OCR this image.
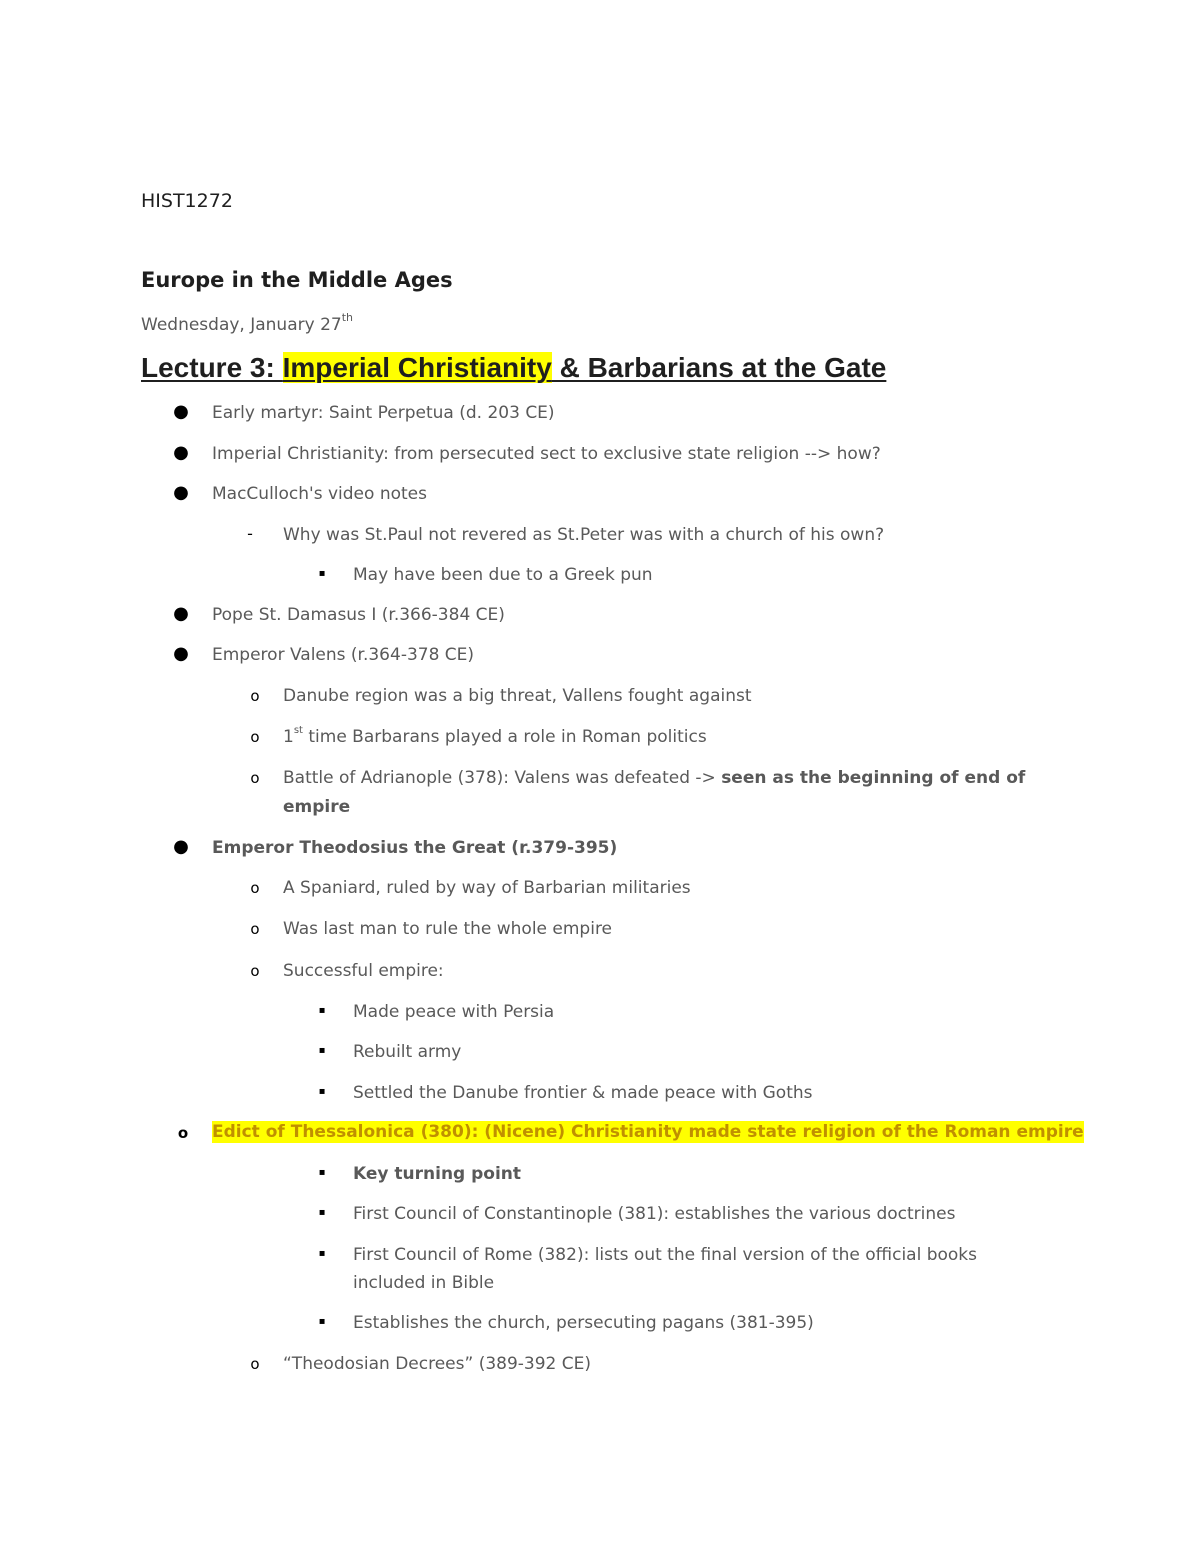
HIST1272
Europe in the Middle Ages
Wednesday, January 27th
Lecture 3: Imperial Christianity & Barbarians at the Gate
● Early martyr: Saint Perpetua (d. 203 CE)
● Imperial Christianity: from persecuted sect to exclusive state religion --> how?
● MacCulloch's video notes
-	Why was St.Paul not revered as St.Peter was with a church of his own?
▪	May have been due to a Greek pun
● Pope St. Damasus I (r.366-384 CE)
● Emperor Valens (r.364-378 CE)
o	Danube region was a big threat, Vallens fought against
o	1st time Barbarans played a role in Roman politics
o	Battle of Adrianople (378): Valens was defeated -> seen as the beginning of end of
empire
● Emperor Theodosius the Great (r.379-395)
o	A Spaniard, ruled by way of Barbarian militaries
o	Was last man to rule the whole empire
o	Successful empire:
▪	Made peace with Persia
▪	Rebuilt army
▪	Settled the Danube frontier & made peace with Goths
o Edict of Thessalonica (380): (Nicene) Christianity made state religion of the Roman empire
▪	Key turning point
▪	First Council of Constantinople (381): establishes the various doctrines
▪	First Council of Rome (382): lists out the final version of the official books
included in Bible
▪	Establishes the church, persecuting pagans (381-395)
o	“Theodosian Decrees” (389-392 CE)
